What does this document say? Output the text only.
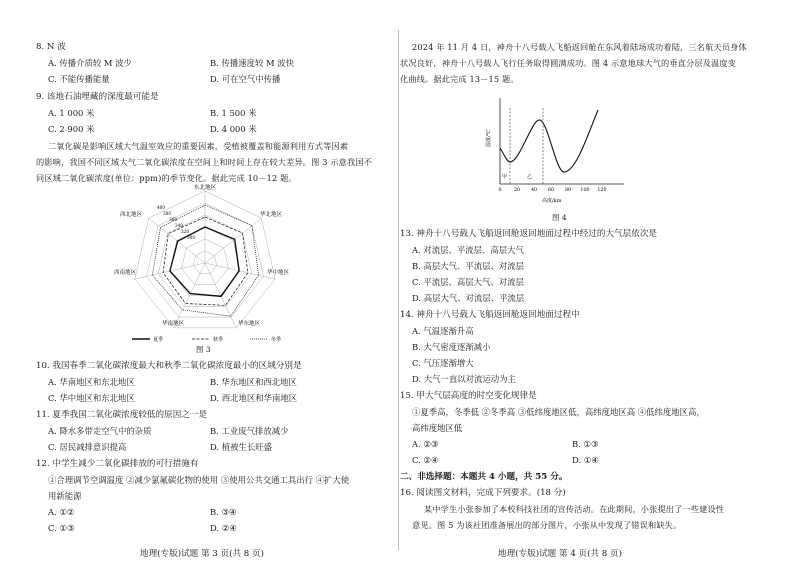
8. N 波
A. 传播介质较 M 波少	B. 传播速度较 M 波快
C. 不能传播能量	D. 可在空气中传播
9. 该地石油埋藏的深度最可能是
A. 1 000 米	B. 1 500 米
C. 2 900 米	D. 4 000 米
二氧化碳是影响区域大气温室效应的重要因素，受植被覆盖和能源利用方式等因素
的影响，我国不同区域大气二氧化碳浓度在空间上和时间上存在较大差异。图 3 示意我国不
同区域二氧化碳浓度(单位：ppm)的季节变化。据此完成 10－12 题。
东北地区
华北地区
华中地区
华东地区
华南地区
西南地区
西北地区
300
320
340
360
380
400
夏季	秋季	冬季
图 3
10. 我国春季二氧化碳浓度最大和秋季二氧化碳浓度最小的区域分别是
A. 华南地区和东北地区	B. 华东地区和西北地区
C. 华中地区和东北地区	D. 西北地区和华南地区
11. 夏季我国二氧化碳浓度较低的原因之一是
A. 降水多带走空气中的杂质	B. 工业废气排放减少
C. 居民减排意识提高	D. 植被生长旺盛
12. 中学生减少二氧化碳排放的可行措施有
①合理调节空调温度 ②减少氯氟碳化物的使用 ③使用公共交通工具出行 ④扩大使
用新能源
A. ①②	B. ③④
C. ①③	D. ②④
地理(专版)试题 第 3 页(共 8 页)
2024 年 11 月 4 日，神舟十八号载人飞船返回舱在东风着陆场成功着陆，三名航天员身体
状况良好，神舟十八号载人飞行任务取得圆满成功。图 4 示意地球大气的垂直分层及温度变
化曲线。据此完成 13－15 题。
温度/℃
0	20 40 60 80 100 120
甲	乙
高度/km
图 4
13. 神舟十八号载人飞船返回舱返回地面过程中经过的大气层依次是
A. 对流层、平流层、高层大气
B. 高层大气、平流层、对流层
C. 平流层、高层大气、对流层
D. 高层大气、对流层、平流层
14. 神舟十八号载人飞船返回舱返回地面过程中
A. 气温逐渐升高
B. 大气密度逐渐减小
C. 气压逐渐增大
D. 大气一直以对流运动为主
15. 甲大气层高度的时空变化规律是
①夏季高，冬季低 ②冬季高 ③低纬度地区低，高纬度地区高 ④低纬度地区高，
高纬度地区低
A. ②③	B. ①③
C. ②④	D. ①④
二、非选择题：本题共 4 小题，共 55 分。
16. 阅读图文材料，完成下列要求。(18 分)
某中学生小张参加了本校科技社团的宣传活动。在此期间，小张提出了一些建设性
意见。图 5 为该社团准备展出的部分图片，小张从中发现了错误和缺失。
地理(专版)试题 第 4 页(共 8 页)
